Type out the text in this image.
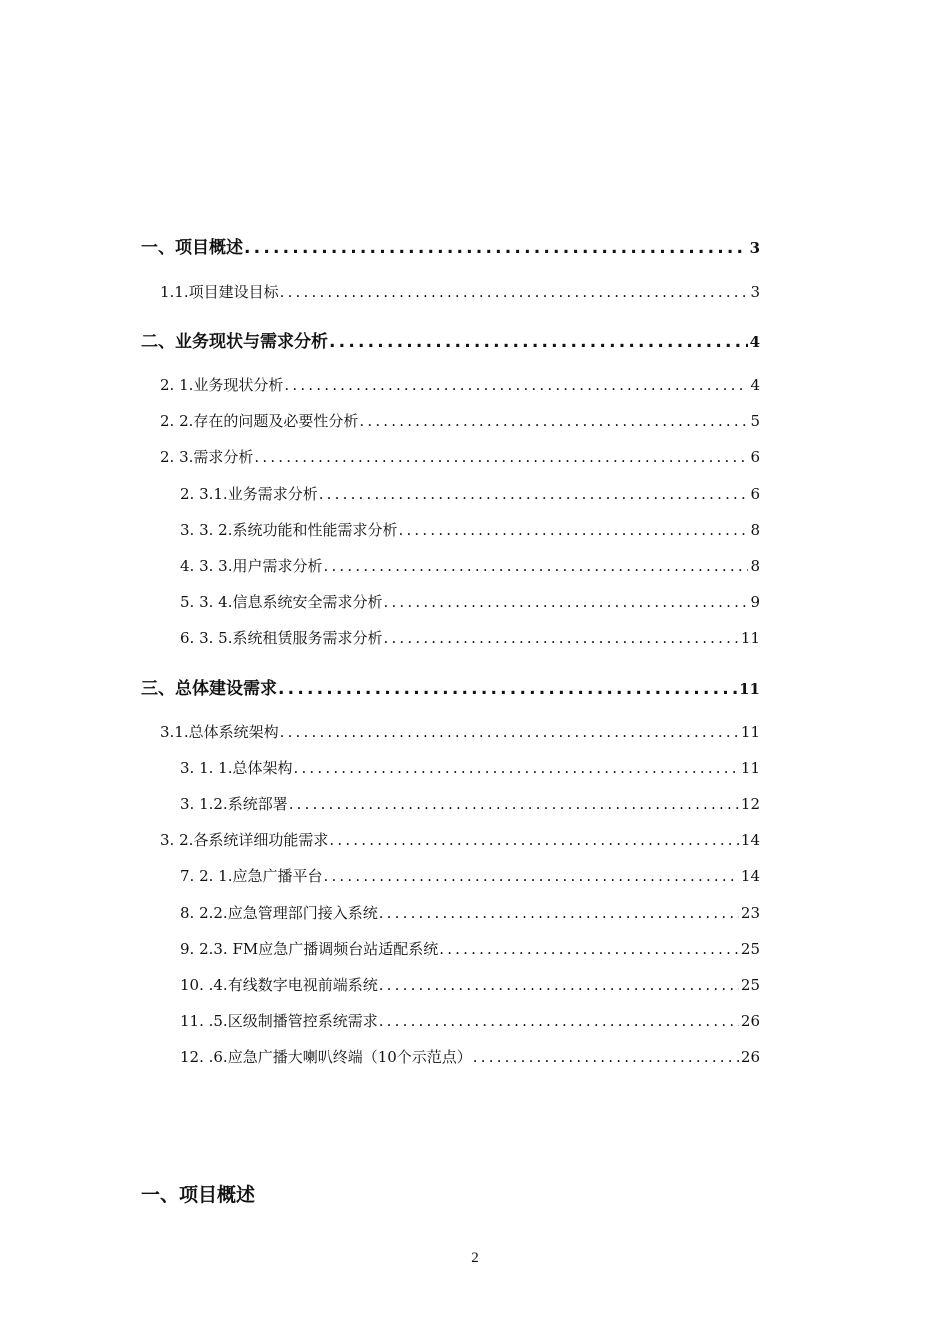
一、项目概述 .....	3
1.1.项目建设目标 .....	3
二、业务现状与需求分析 .....	4
2. 1.业务现状分析 .....	4
2. 2.存在的问题及必要性分析 .....	5
2. 3.需求分析 .....	6
2. 3.1.业务需求分析 .....	6
3. 3. 2.系统功能和性能需求分析 .....	8
4. 3. 3.用户需求分析 .....	8
5. 3. 4.信息系统安全需求分析 .....	9
6. 3. 5.系统租赁服务需求分析 .....	11
三、总体建设需求 .....	11
3.1.总体系统架构 .....	11
3. 1. 1.总体架构 .....	11
3. 1.2.系统部署 .....	12
3. 2.各系统详细功能需求 .....	14
7. 2. 1.应急广播平台 .....	14
8. 2.2.应急管理部门接入系统 .....	23
9. 2.3. FM应急广播调频台站适配系统 .....	25
10. .4.有线数字电视前端系统 .....	25
11. .5.区级制播管控系统需求 .....	26
12. .6.应急广播大喇叭终端（10个示范点） .....	26
一、项目概述
2
